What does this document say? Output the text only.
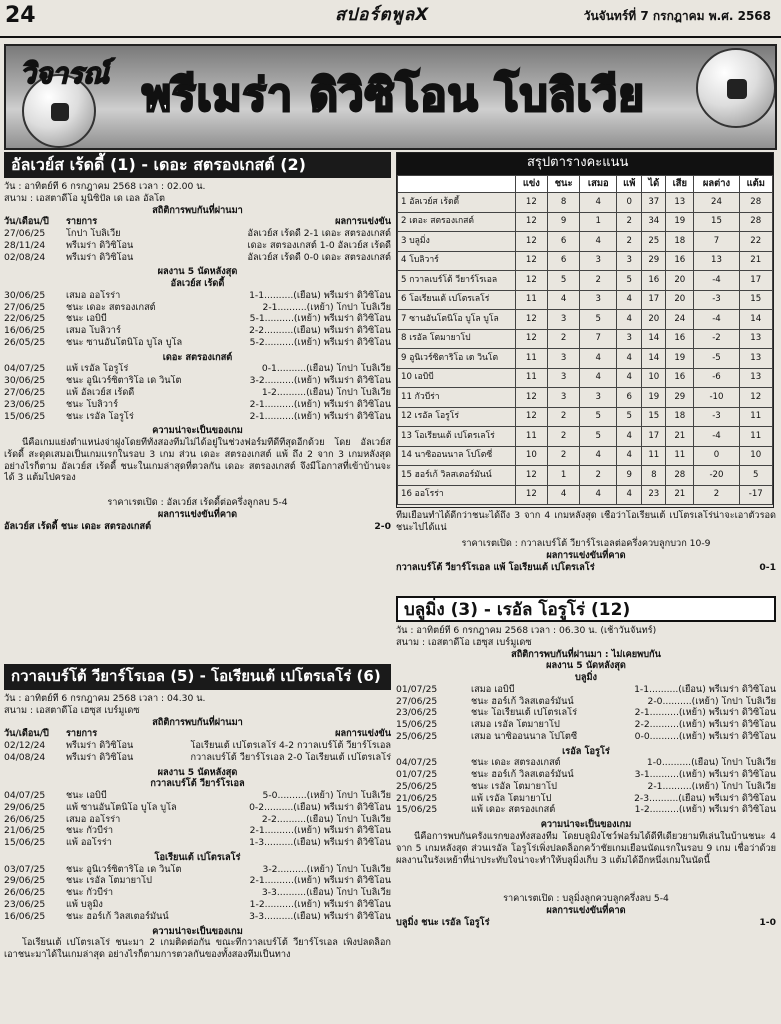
24	สปอร์ตพูลX	วันจันทร์ที่ 7 กรกฎาคม พ.ศ. 2568
วิจารณ์ พรีเมร่า ดิวิซิโอน โบลิเวีย
อัลเวย์ส เร้ดดี้ (1) - เดอะ สตรองเกสต์ (2)
วัน : อาทิตย์ที่ 6 กรกฎาคม 2568 เวลา : 02.00 น.
สนาม : เอสตาดีโอ มูนิซิปัล เด เอล อัลโต
สถิติการพบกันที่ผ่านมา
วัน/เดือน/ปี	รายการ	ผลการแข่งขัน
27/06/25	โกปา โบลิเวีย	อัลเวย์ส เร้ดดี้ 2-1 เดอะ สตรองเกสต์
28/11/24	พรีเมร่า ดิวิซิโอน	เดอะ สตรองเกสต์ 1-0 อัลเวย์ส เร้ดดี้
02/08/24	พรีเมร่า ดิวิซิโอน	อัลเวย์ส เร้ดดี้ 0-0 เดอะ สตรองเกสต์
ผลงาน 5 นัดหลังสุด
อัลเวย์ส เร้ดดี้
30/06/25	เสมอ ออโรร่า	1-1..........(เยือน) พรีเมร่า ดิวิซิโอน
27/06/25	ชนะ เดอะ สตรองเกสต์	2-1..........(เหย้า) โกปา โบลิเวีย
22/06/25	ชนะ เอบิบี	5-1..........(เหย้า) พรีเมร่า ดิวิซิโอน
16/06/25	เสมอ โบลิวาร์	2-2..........(เยือน) พรีเมร่า ดิวิซิโอน
26/05/25	ชนะ ซานอันโตนิโอ บูโล บูโล	5-2..........(เหย้า) พรีเมร่า ดิวิซิโอน
เดอะ สตรองเกสต์
04/07/25	แพ้ เรอัล โอรูโร่	0-1..........(เยือน) โกปา โบลิเวีย
30/06/25	ชนะ อูนิเวร์ซิตาริโอ เด วินโต	3-2..........(เหย้า) พรีเมร่า ดิวิซิโอน
27/06/25	แพ้ อัลเวย์ส เร้ดดี้	1-2..........(เยือน) โกปา โบลิเวีย
23/06/25	ชนะ โบลิวาร์	2-1..........(เหย้า) พรีเมร่า ดิวิซิโอน
15/06/25	ชนะ เรอัล โอรูโร่	2-1..........(เหย้า) พรีเมร่า ดิวิซิโอน
ความน่าจะเป็นของเกม
นี่คือเกมแย่งตำแหน่งจ่าฝูงโดยที่ทั้งสองทีมไม่ได้อยู่ในช่วงฟอร์มที่ดีที่สุดอีกด้วย โดย อัลเวย์ส เร้ดดี้ สะดุดเสมอเป็นเกมแรกในรอบ 3 เกม ส่วน เดอะ สตรองเกสต์ แพ้ ถึง 2 จาก 3 เกมหลังสุด อย่างไรก็ตาม อัลเวย์ส เร้ดดี้ ชนะในเกมล่าสุดที่ตวลกัน เดอะ สตรองเกสต์ จึงมีโอกาสที่เข้าบ้านจะได้ 3 แต้มไปครอง
ราคาเรตเปิด : อัลเวย์ส เร้ดดี้ต่อครึ่งลูกลบ 5-4
ผลการแข่งขันที่คาด
อัลเวย์ส เร้ดดี้ ชนะ เดอะ สตรองเกสต์	2-0
กวาลเบร์โต้ วียาร์โรเอล (5) - โอเรียนเต้ เปโตรเลโร่ (6)
วัน : อาทิตย์ที่ 6 กรกฎาคม 2568 เวลา : 04.30 น.
สนาม : เอสตาดีโอ เฮซุส เบร์มูเดซ
สถิติการพบกันที่ผ่านมา
วัน/เดือน/ปี	รายการ	ผลการแข่งขัน
02/12/24	พรีเมร่า ดิวิซิโอน	โอเรียนเต้ เปโตรเลโร่ 4-2 กวาลเบร์โต้ วียาร์โรเอล
04/08/24	พรีเมร่า ดิวิซิโอน	กวาลเบร์โต้ วียาร์โรเอล 2-0 โอเรียนเต้ เปโตรเลโร่
ผลงาน 5 นัดหลังสุด
กวาลเบร์โต้ วียาร์โรเอล
04/07/25	ชนะ เอบิบี	5-0..........(เหย้า) โกปา โบลิเวีย
29/06/25	แพ้ ซานอันโตนิโอ บูโล บูโล	0-2..........(เยือน) พรีเมร่า ดิวิซิโอน
26/06/25	เสมอ ออโรร่า	2-2..........(เยือน) โกปา โบลิเวีย
21/06/25	ชนะ กัวบีร่า	2-1..........(เหย้า) พรีเมร่า ดิวิซิโอน
15/06/25	แพ้ ออโรร่า	1-3..........(เยือน) พรีเมร่า ดิวิซิโอน
โอเรียนเต้ เปโตรเลโร่
03/07/25	ชนะ อูนิเวร์ซิตาริโอ เด วินโต	3-2..........(เหย้า) โกปา โบลิเวีย
29/06/25	ชนะ เรอัล โตมายาโป	2-1..........(เหย้า) พรีเมร่า ดิวิซิโอน
26/06/25	ชนะ กัวบีร่า	3-3..........(เยือน) โกปา โบลิเวีย
23/06/25	แพ้ บลูมิ่ง	1-2..........(เหย้า) พรีเมร่า ดิวิซิโอน
16/06/25	ชนะ ฮอร์เก้ วิลสเตอร์มันน์	3-3..........(เยือน) พรีเมร่า ดิวิซิโอน
ความน่าจะเป็นของเกม
โอเรียนเต้ เปโตรเลโร่ ชนะมา 2 เกมติดต่อกัน ขณะที่กวาลเบร์โต้ วียาร์โรเอล เพิ่งปลดล็อกเอาชนะมาได้ในเกมล่าสุด อย่างไรก็ตามการตวลกันของทั้งสองทีมเป็นทาง
สรุปตารางคะแนน
	แข่ง	ชนะ	เสมอ	แพ้	ได้	เสีย	ผลต่าง	แต้ม
1 อัลเวย์ส เร้ดดี้	12	8	4	0	37	13	24	28
2 เดอะ สตรองเกสต์	12	9	1	2	34	19	15	28
3 บลูมิ่ง	12	6	4	2	25	18	7	22
4 โบลิวาร์	12	6	3	3	29	16	13	21
5 กวาลเบร์โต้ วียาร์โรเอล	12	5	2	5	16	20	-4	17
6 โอเรียนเต้ เปโตรเลโร่	11	4	3	4	17	20	-3	15
7 ซานอันโตนิโอ บูโล บูโล	12	3	5	4	20	24	-4	14
8 เรอัล โตมายาโป	12	2	7	3	14	16	-2	13
9 อูนิเวร์ซิตาริโอ เด วินโต	11	3	4	4	14	19	-5	13
10 เอบิบี	11	3	4	4	10	16	-6	13
11 กัวบีร่า	12	3	3	6	19	29	-10	12
12 เรอัล โอรูโร่	12	2	5	5	15	18	-3	11
13 โอเรียนเต้ เปโตรเลโร่	11	2	5	4	17	21	-4	11
14 นาซิออนนาล โปโตซี่	10	2	4	4	11	11	0	10
15 ฮอร์เก้ วิลสเตอร์มันน์	12	1	2	9	8	28	-20	5
16 ออโรร่า	12	4	4	4	23	21	2	-17
ทีมเยือนทำได้ดีกว่าชนะได้ถึง 3 จาก 4 เกมหลังสุด เชื่อว่าโอเรียนเต้ เปโตรเลโร่น่าจะเอาตัวรอดชนะไปได้แน่
ราคาเรตเปิด : กวาลเบร์โต้ วียาร์โรเอลต่อครึ่งควบลูกบวก 10-9
ผลการแข่งขันที่คาด
กวาลเบร์โต้ วียาร์โรเอล แพ้ โอเรียนเต้ เปโตรเลโร่	0-1
บลูมิ่ง (3) - เรอัล โอรูโร่ (12)
วัน : อาทิตย์ที่ 6 กรกฎาคม 2568 เวลา : 06.30 น. (เช้าวันจันทร์)
สนาม : เอสตาดีโอ เฮซุส เบร์มูเดซ
สถิติการพบกันที่ผ่านมา : ไม่เคยพบกัน
ผลงาน 5 นัดหลังสุด
บลูมิ่ง
01/07/25	เสมอ เอบิบี	1-1..........(เยือน) พรีเมร่า ดิวิซิโอน
27/06/25	ชนะ ฮอร์เก้ วิลสเตอร์มันน์	2-0..........(เหย้า) โกปา โบลิเวีย
23/06/25	ชนะ โอเรียนเต้ เปโตรเลโร่	2-1..........(เหย้า) พรีเมร่า ดิวิซิโอน
15/06/25	เสมอ เรอัล โตมายาโป	2-2..........(เหย้า) พรีเมร่า ดิวิซิโอน
25/06/25	เสมอ นาซิออนนาล โปโตซี่	0-0..........(เหย้า) พรีเมร่า ดิวิซิโอน
เรอัล โอรูโร่
04/07/25	ชนะ เดอะ สตรองเกสต์	1-0..........(เยือน) โกปา โบลิเวีย
01/07/25	ชนะ ฮอร์เก้ วิลสเตอร์มันน์	3-1..........(เหย้า) พรีเมร่า ดิวิซิโอน
25/06/25	ชนะ เรอัล โตมายาโป	2-1..........(เหย้า) โกปา โบลิเวีย
21/06/25	แพ้ เรอัล โตมายาโป	2-3..........(เยือน) พรีเมร่า ดิวิซิโอน
15/06/25	แพ้ เดอะ สตรองเกสต์	1-2..........(เหย้า) พรีเมร่า ดิวิซิโอน
ความน่าจะเป็นของเกม
นี่คือการพบกันครั้งแรกของทั้งสองทีม โดยบลูมิ่งโชว์ฟอร์มได้ดีที่เดียวยามที่เล่นในบ้านชนะ 4 จาก 5 เกมหลังสุด ส่วนเรอัล โอรูโร่เพิ่งปลดล็อกคว้าชัยเกมเยือนนัดแรกในรอบ 9 เกม เชื่อว่าด้วยผลงานในรังเหย้าที่น่าประทับใจน่าจะทำให้บลูมิ่งเก็บ 3 แต้มได้อีกหนึ่งเกมในนัดนี้
ราคาเรตเปิด : บลูมิ่งลูกควบลูกครึ่งลบ 5-4
ผลการแข่งขันที่คาด
บลูมิ่ง ชนะ เรอัล โอรูโร่	1-0
